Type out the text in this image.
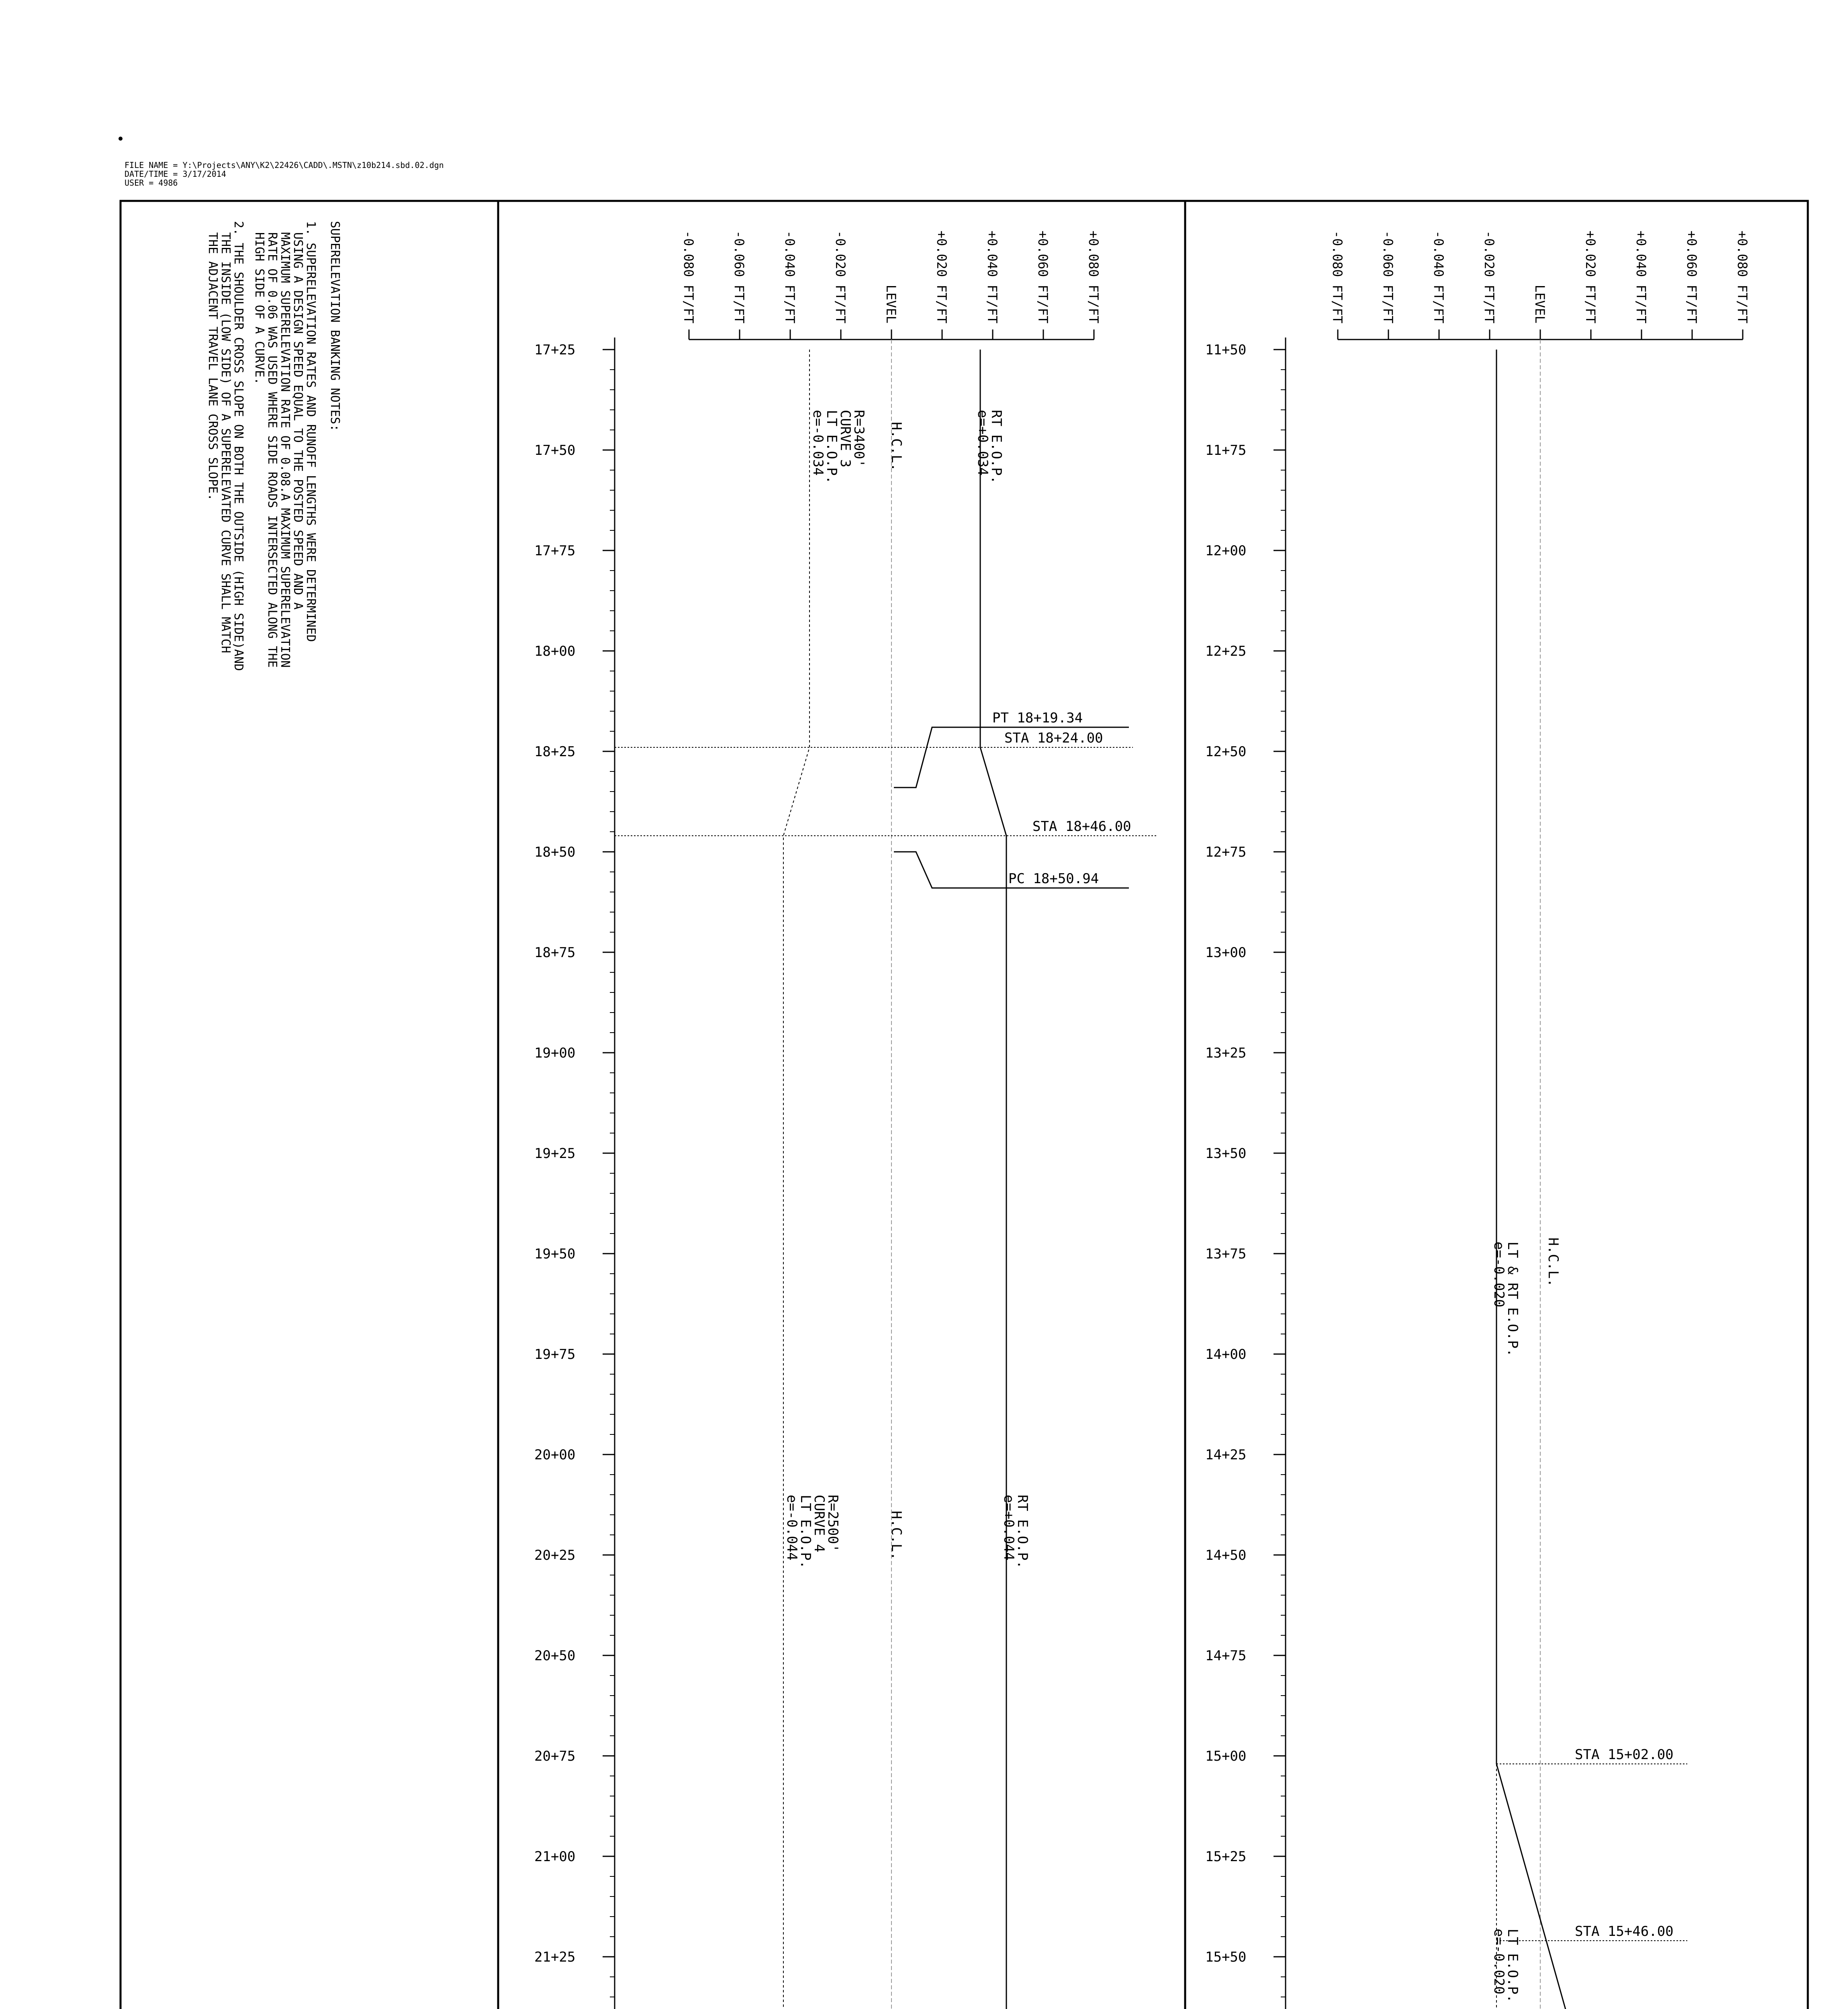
FILE NAME = Y:\Projects\ANY\K2\22426\CADD\.MSTN\z10b214.sbd.02.dgn
DATE/TIME = 3/17/2014
USER = 4986
SUPERELEVATION BANKING NOTES:
1. SUPERELEVATION RATES AND RUNOFF LENGTHS WERE DETERMINED
USING A DESIGN SPEED EQUAL TO THE POSTED SPEED AND A
MAXIMUM SUPERELEVATION RATE OF 0.08.A MAXIMUM SUPERELEVATION
RATE OF 0.06 WAS USED WHERE SIDE ROADS INTERSECTED ALONG THE
HIGH SIDE OF A CURVE.
2. THE SHOULDER CROSS SLOPE ON BOTH THE OUTSIDE (HIGH SIDE)AND
THE INSIDE (LOW SIDE) OF A SUPERELEVATED CURVE SHALL MATCH
THE ADJACENT TRAVEL LANE CROSS SLOPE.	-0.080 FT/FT	-0.060 FT/FT	-0.040 FT/FT	-0.020 FT/FT	LEVEL	+0.020 FT/FT	+0.040 FT/FT	+0.060 FT/FT	+0.080 FT/FT
17+25
17+50
17+75
18+00
18+25
18+50
18+75
19+00
19+25
19+50
19+75
20+00
20+25
20+50
20+75
21+00
21+25
PT 18+19.34
STA 18+24.00
STA 18+46.00
PC 18+50.94
e=-0.034
LT E.O.P.
CURVE 3
R=3400' H.C.L.	e=+0.034
RT E.O.P.
e=-0.044
LT E.O.P.
CURVE 4
R=2500'	H.C.L.	e=+0.044
RT E.O.P.
-0.080 FT/FT	-0.060 FT/FT	-0.040 FT/FT	-0.020 FT/FT	LEVEL	+0.020 FT/FT	+0.040 FT/FT	+0.060 FT/FT	+0.080 FT/FT
11+50
11+75
12+00
12+25
12+50
12+75
13+00
13+25
13+50
13+75
14+00
14+25
14+50
14+75
15+00
15+25
15+50
STA 15+02.00
STA 15+46.00
e=-0.020
LT & RT E.O.P. H.C.L.
e=-0.020
LT E.O.P.
